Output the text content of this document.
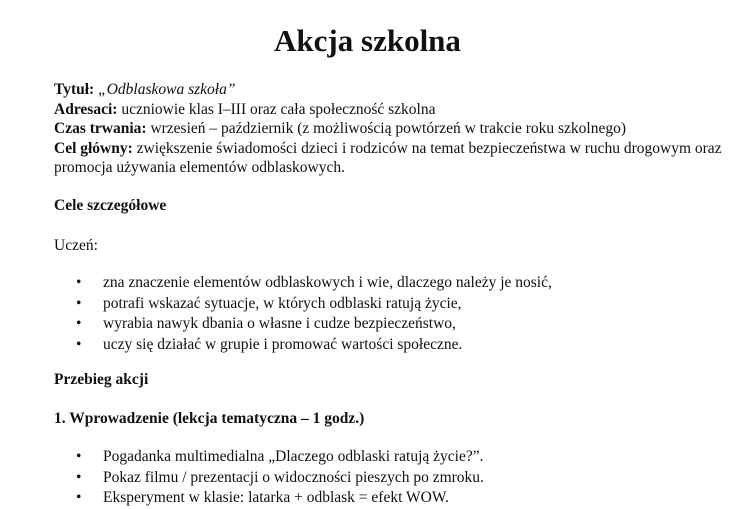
Akcja szkolna
Tytuł: „Odblaskowa szkoła”
Adresaci: uczniowie klas I–III oraz cała społeczność szkolna
Czas trwania: wrzesień – październik (z możliwością powtórzeń w trakcie roku szkolnego)
Cel główny: zwiększenie świadomości dzieci i rodziców na temat bezpieczeństwa w ruchu drogowym oraz promocja używania elementów odblaskowych.

Cele szczegółowe

Uczeń:

• zna znaczenie elementów odblaskowych i wie, dlaczego należy je nosić,
• potrafi wskazać sytuacje, w których odblaski ratują życie,
• wyrabia nawyk dbania o własne i cudze bezpieczeństwo,
• uczy się działać w grupie i promować wartości społeczne.

Przebieg akcji

1. Wprowadzenie (lekcja tematyczna – 1 godz.)

• Pogadanka multimedialna „Dlaczego odblaski ratują życie?”.
• Pokaz filmu / prezentacji o widoczności pieszych po zmroku.
• Eksperyment w klasie: latarka + odblask = efekt WOW.
